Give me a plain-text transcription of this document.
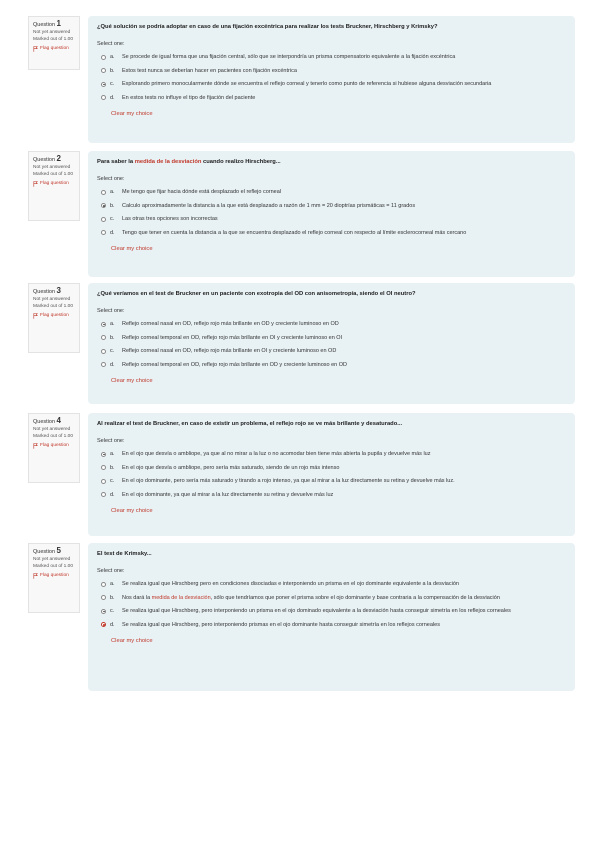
Question 1
Not yet answered
Marked out of 1.00
Flag question
¿Qué solución se podría adoptar en caso de una fijación excéntrica para realizar los tests Bruckner, Hirschberg y Krimsky?
Select one:
a.	Se procede de igual forma que una fijación central, sólo que se interpondría un prisma compensatorio equivalente a la fijación excéntrica
b.	Estos test nunca se deberían hacer en pacientes con fijación excéntrica
c.	Explorando primero monocularmente dónde se encuentra el reflejo corneal y tenerlo como punto de referencia si hubiese alguna desviación secundaria
d.	En estos tests no influye el tipo de fijación del paciente
Clear my choice
Question 2
Not yet answered
Marked out of 1.00
Flag question
Para saber la medida de la desviación cuando realizo Hirschberg...
Select one:
a.	Me tengo que fijar hacia dónde está desplazado el reflejo corneal
b.	Calculo aproximadamente la distancia a la que está desplazado a razón de 1 mm = 20 dioptrías prismáticas = 11 grados
c.	Las otras tres opciones son incorrectas
d.	Tengo que tener en cuenta la distancia a la que se encuentra desplazado el reflejo corneal con respecto al límite esclerocorneal más cercano
Clear my choice
Question 3
Not yet answered
Marked out of 1.00
Flag question
¿Qué veríamos en el test de Bruckner en un paciente con exotropia del OD con anisometropía, siendo el OI neutro?
Select one:
a.	Reflejo corneal nasal en OD, reflejo rojo más brillante en OD y creciente luminoso en OD
b.	Reflejo corneal temporal en OD, reflejo rojo más brillante en OI y creciente luminoso en OI
c.	Reflejo corneal nasal en OD, reflejo rojo más brillante en OI y creciente luminoso en OD
d.	Reflejo corneal temporal en OD, reflejo rojo más brillante en OD y creciente luminoso en OD
Clear my choice
Question 4
Not yet answered
Marked out of 1.00
Flag question
Al realizar el test de Bruckner, en caso de existir un problema, el reflejo rojo se ve más brillante y desaturado...
Select one:
a.	En el ojo que desvía o ambliope, ya que al no mirar a la luz o no acomodar bien tiene más abierta la pupila y devuelve más luz
b.	En el ojo que desvía o ambliope, pero sería más saturado, siendo de un rojo más intenso
c.	En el ojo dominante, pero sería más saturado y tirando a rojo intenso, ya que al mirar a la luz directamente su retina y devuelve más luz.
d.	En el ojo dominante, ya que al mirar a la luz directamente su retina y devuelve más luz
Clear my choice
Question 5
Not yet answered
Marked out of 1.00
Flag question
El test de Krimsky...
Select one:
a.	Se realiza igual que Hirschberg pero en condiciones disociadas e interponiendo un prisma en el ojo dominante equivalente a la desviación
b.	Nos dará la medida de la desviación, sólo que tendríamos que poner el prisma sobre el ojo dominante y base contraria a la compensación de la desviación
c.	Se realiza igual que Hirschberg, pero interponiendo un prisma en el ojo dominado equivalente a la desviación hasta conseguir simetría en los reflejos corneales
d.	Se realiza igual que Hirschberg, pero interponiendo prismas en el ojo dominante hasta conseguir simetría en los reflejos corneales
Clear my choice
